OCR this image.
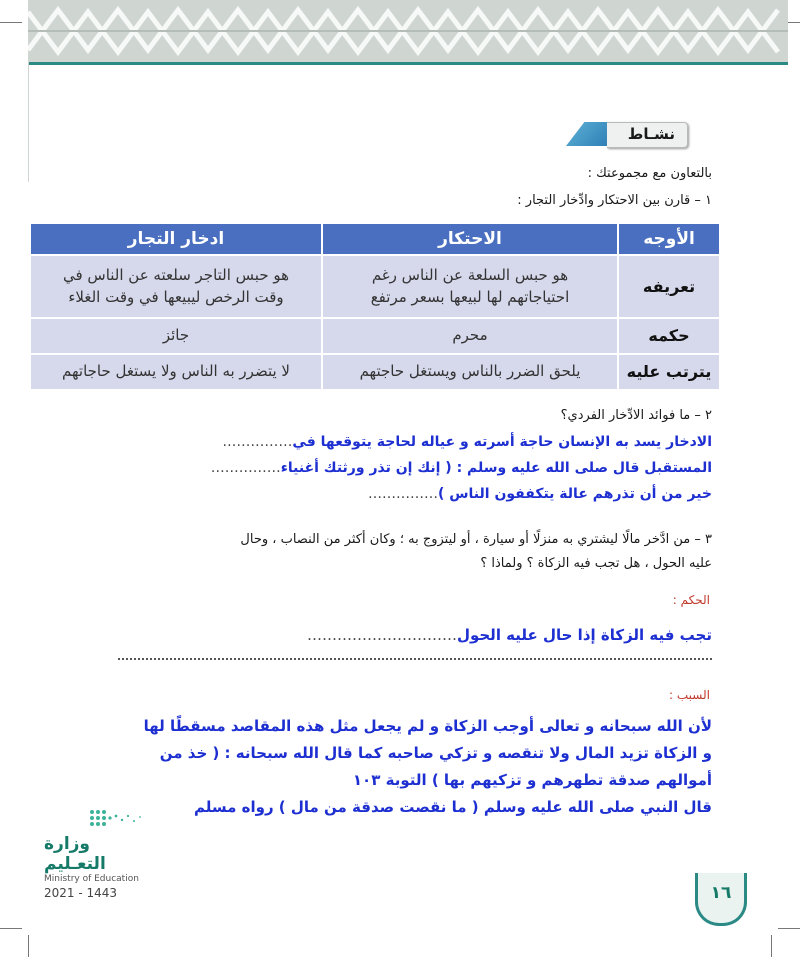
نشـاط
بالتعاون مع مجموعتك :
١ – قارن بين الاحتكار وادِّخار التجار :
الأوجه	الاحتكار	ادخار التجار
تعريفه	هو حبس السلعة عن الناس رغم احتياجاتهم لها لبيعها بسعر مرتفع	هو حبس التاجر سلعته عن الناس في وقت الرخص ليبيعها في وقت الغلاء
حكمه	محرم	جائز
يترتب عليه	يلحق الضرر بالناس ويستغل حاجتهم	لا يتضرر به الناس ولا يستغل حاجاتهم
٢ – ما فوائد الادِّخار الفردي؟
الادخار يسد به الإنسان حاجة أسرته و عياله لحاجة يتوقعها في……………
المستقبل قال صلى الله عليه وسلم : ( إنك إن تذر ورثتك أغنياء……………
خير من أن تذرهم عالة يتكففون الناس )……………
٣ – من ادَّخر مالًا ليشتري به منزلًا أو سيارة ، أو ليتزوج به ؛ وكان أكثر من النصاب ، وحال
عليه الحول ، هل تجب فيه الزكاة ؟ ولماذا ؟
الحكم :
تجب فيه الزكاة إذا حال عليه الحول…………………………
السبب :
لأن الله سبحانه و تعالى أوجب الزكاة و لم يجعل مثل هذه المقاصد مسقطًا لها
و الزكاة تزيد المال ولا تنقصه و تزكي صاحبه كما قال الله سبحانه : ( خذ من
أموالهم صدقة تطهرهم و تزكيهم بها ) التوبة ١٠٣
قال النبي صلى الله عليه وسلم ( ما نقصت صدقة من مال ) رواه مسلم
وزارة التعـليم
Ministry of Education
2021 - 1443	١٦
